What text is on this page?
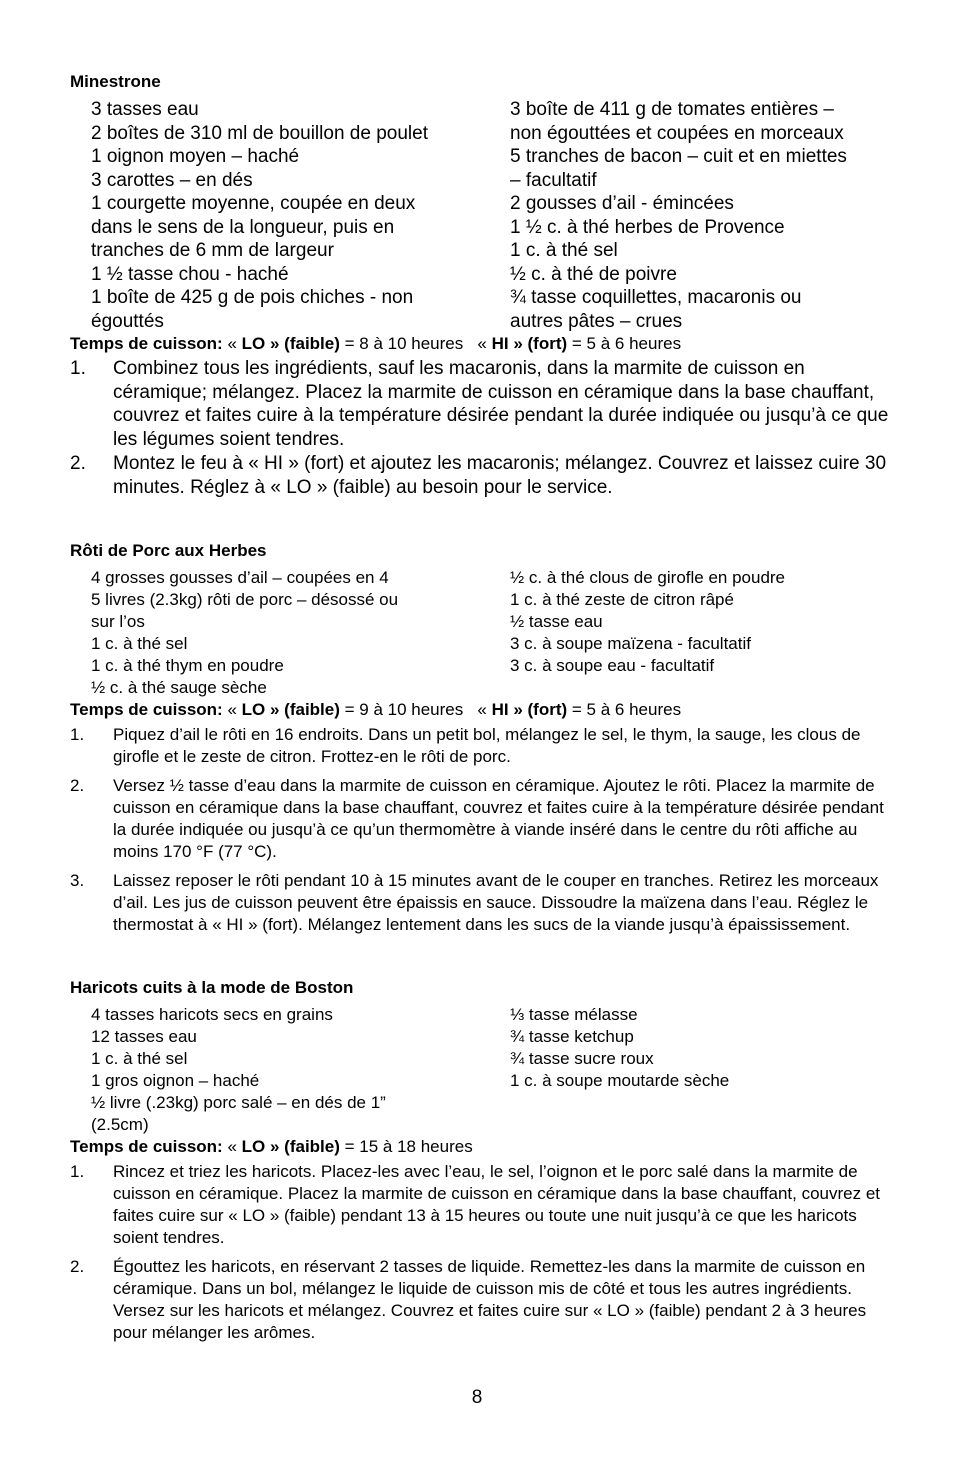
Minestrone
3 tasses eau
2 boîtes de 310 ml de bouillon de poulet
1 oignon moyen – haché
3 carottes – en dés
1 courgette moyenne, coupée en deux
dans le sens de la longueur, puis en
tranches de 6 mm de largeur
1 ½ tasse chou - haché
1 boîte de 425 g de pois chiches - non
égouttés
3 boîte de 411 g de tomates entières –
non égouttées et coupées en morceaux
5 tranches de bacon – cuit et en miettes
– facultatif
2 gousses d’ail - émincées
1 ½ c. à thé herbes de Provence
1 c. à thé sel
½ c. à thé de poivre
¾ tasse coquillettes, macaronis ou
autres pâtes – crues

Temps de cuisson: « LO » (faible) = 8 à 10 heures « HI » (fort) = 5 à 6 heures

1.	Combinez tous les ingrédients, sauf les macaronis, dans la marmite de cuisson en céramique; mélangez. Placez la marmite de cuisson en céramique dans la base chauffant, couvrez et faites cuire à la température désirée pendant la durée indiquée ou jusqu’à ce que les légumes soient tendres.
2.	Montez le feu à « HI » (fort) et ajoutez les macaronis; mélangez. Couvrez et laissez cuire 30 minutes. Réglez à « LO » (faible) au besoin pour le service.
Rôti de Porc aux Herbes
4 grosses gousses d’ail – coupées en 4
5 livres (2.3kg) rôti de porc – désossé ou
sur l’os
1 c. à thé sel
1 c. à thé thym en poudre
½ c. à thé sauge sèche
½ c. à thé clous de girofle en poudre
1 c. à thé zeste de citron râpé
½ tasse eau
3 c. à soupe maïzena - facultatif
3 c. à soupe eau - facultatif

Temps de cuisson: « LO » (faible) = 9 à 10 heures « HI » (fort) = 5 à 6 heures

1.	Piquez d’ail le rôti en 16 endroits. Dans un petit bol, mélangez le sel, le thym, la sauge, les clous de girofle et le zeste de citron. Frottez-en le rôti de porc.
2.	Versez ½ tasse d’eau dans la marmite de cuisson en céramique. Ajoutez le rôti. Placez la marmite de cuisson en céramique dans la base chauffant, couvrez et faites cuire à la température désirée pendant la durée indiquée ou jusqu’à ce qu’un thermomètre à viande inséré dans le centre du rôti affiche au moins 170 °F (77 °C).
3.	Laissez reposer le rôti pendant 10 à 15 minutes avant de le couper en tranches. Retirez les morceaux d’ail. Les jus de cuisson peuvent être épaissis en sauce. Dissoudre la maïzena dans l’eau. Réglez le thermostat à « HI » (fort). Mélangez lentement dans les sucs de la viande jusqu’à épaississement.
Haricots cuits à la mode de Boston
4 tasses haricots secs en grains
12 tasses eau
1 c. à thé sel
1 gros oignon – haché
½ livre (.23kg) porc salé – en dés de 1”
(2.5cm)
⅓ tasse mélasse
¾ tasse ketchup
¾ tasse sucre roux
1 c. à soupe moutarde sèche

Temps de cuisson: « LO » (faible) = 15 à 18 heures

1.	Rincez et triez les haricots. Placez-les avec l’eau, le sel, l’oignon et le porc salé dans la marmite de cuisson en céramique. Placez la marmite de cuisson en céramique dans la base chauffant, couvrez et faites cuire sur « LO » (faible) pendant 13 à 15 heures ou toute une nuit jusqu’à ce que les haricots soient tendres.
2.	Égouttez les haricots, en réservant 2 tasses de liquide. Remettez-les dans la marmite de cuisson en céramique. Dans un bol, mélangez le liquide de cuisson mis de côté et tous les autres ingrédients. Versez sur les haricots et mélangez. Couvrez et faites cuire sur « LO » (faible) pendant 2 à 3 heures pour mélanger les arômes.
8
